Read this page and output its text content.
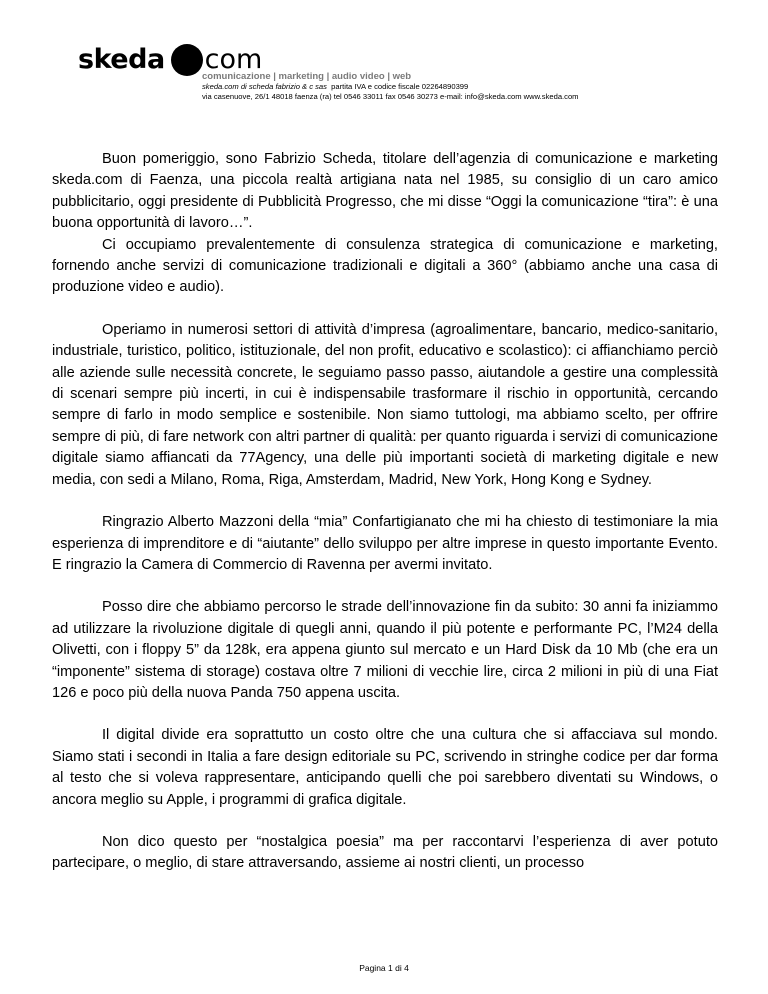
skeda com
comunicazione | marketing | audio video | web
skeda.com di scheda fabrizio & c sas partita IVA e codice fiscale 02264890399
via casenuove, 26/1 48018 faenza (ra) tel 0546 33011 fax 0546 30273 e-mail: info@skeda.com www.skeda.com

Buon pomeriggio, sono Fabrizio Scheda, titolare dell’agenzia di comunicazione e marketing skeda.com di Faenza, una piccola realtà artigiana nata nel 1985, su consiglio di un caro amico pubblicitario, oggi presidente di Pubblicità Progresso, che mi disse “Oggi la comunicazione “tira”: è una buona opportunità di lavoro…”.

Ci occupiamo prevalentemente di consulenza strategica di comunicazione e marketing, fornendo anche servizi di comunicazione tradizionali e digitali a 360° (abbiamo anche una casa di produzione video e audio).

Operiamo in numerosi settori di attività d’impresa (agroalimentare, bancario, medico-sanitario, industriale, turistico, politico, istituzionale, del non profit, educativo e scolastico): ci affianchiamo perciò alle aziende sulle necessità concrete, le seguiamo passo passo, aiutandole a gestire una complessità di scenari sempre più incerti, in cui è indispensabile trasformare il rischio in opportunità, cercando sempre di farlo in modo semplice e sostenibile. Non siamo tuttologi, ma abbiamo scelto, per offrire sempre di più, di fare network con altri partner di qualità: per quanto riguarda i servizi di comunicazione digitale siamo affiancati da 77Agency, una delle più importanti società di marketing digitale e new media, con sedi a Milano, Roma, Riga, Amsterdam, Madrid, New York, Hong Kong e Sydney.

Ringrazio Alberto Mazzoni della “mia” Confartigianato che mi ha chiesto di testimoniare la mia esperienza di imprenditore e di “aiutante” dello sviluppo per altre imprese in questo importante Evento. E ringrazio la Camera di Commercio di Ravenna per avermi invitato.

Posso dire che abbiamo percorso le strade dell’innovazione fin da subito: 30 anni fa iniziammo ad utilizzare la rivoluzione digitale di quegli anni, quando il più potente e performante PC, l’M24 della Olivetti, con i floppy 5” da 128k, era appena giunto sul mercato e un Hard Disk da 10 Mb (che era un “imponente” sistema di storage) costava oltre 7 milioni di vecchie lire, circa 2 milioni in più di una Fiat 126 e poco più della nuova Panda 750 appena uscita.

Il digital divide era soprattutto un costo oltre che una cultura che si affacciava sul mondo. Siamo stati i secondi in Italia a fare design editoriale su PC, scrivendo in stringhe codice per dar forma al testo che si voleva rappresentare, anticipando quelli che poi sarebbero diventati su Windows, o ancora meglio su Apple, i programmi di grafica digitale.

Non dico questo per “nostalgica poesia” ma per raccontarvi l’esperienza di aver potuto partecipare, o meglio, di stare attraversando, assieme ai nostri clienti, un processo

Pagina 1 di 4
